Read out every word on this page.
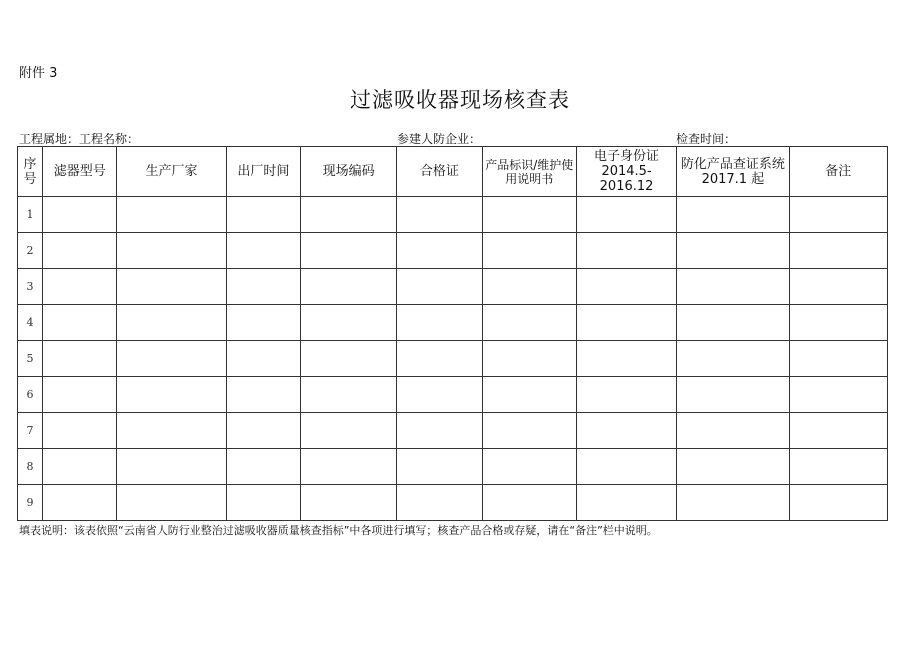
附件 3
过滤吸收器现场核查表
工程属地：工程名称：	参建人防企业：	检查时间：
序号	滤器型号	生产厂家	出厂时间	现场编码	合格证	产品标识/维护使用说明书	电子身份证2014.5-2016.12	防化产品查证系统 2017.1 起	备注
1									
2									
3									
4									
5									
6									
7									
8									
9									
填表说明：该表依照“云南省人防行业整治过滤吸收器质量核查指标”中各项进行填写；核查产品合格或存疑，请在“备注”栏中说明。
